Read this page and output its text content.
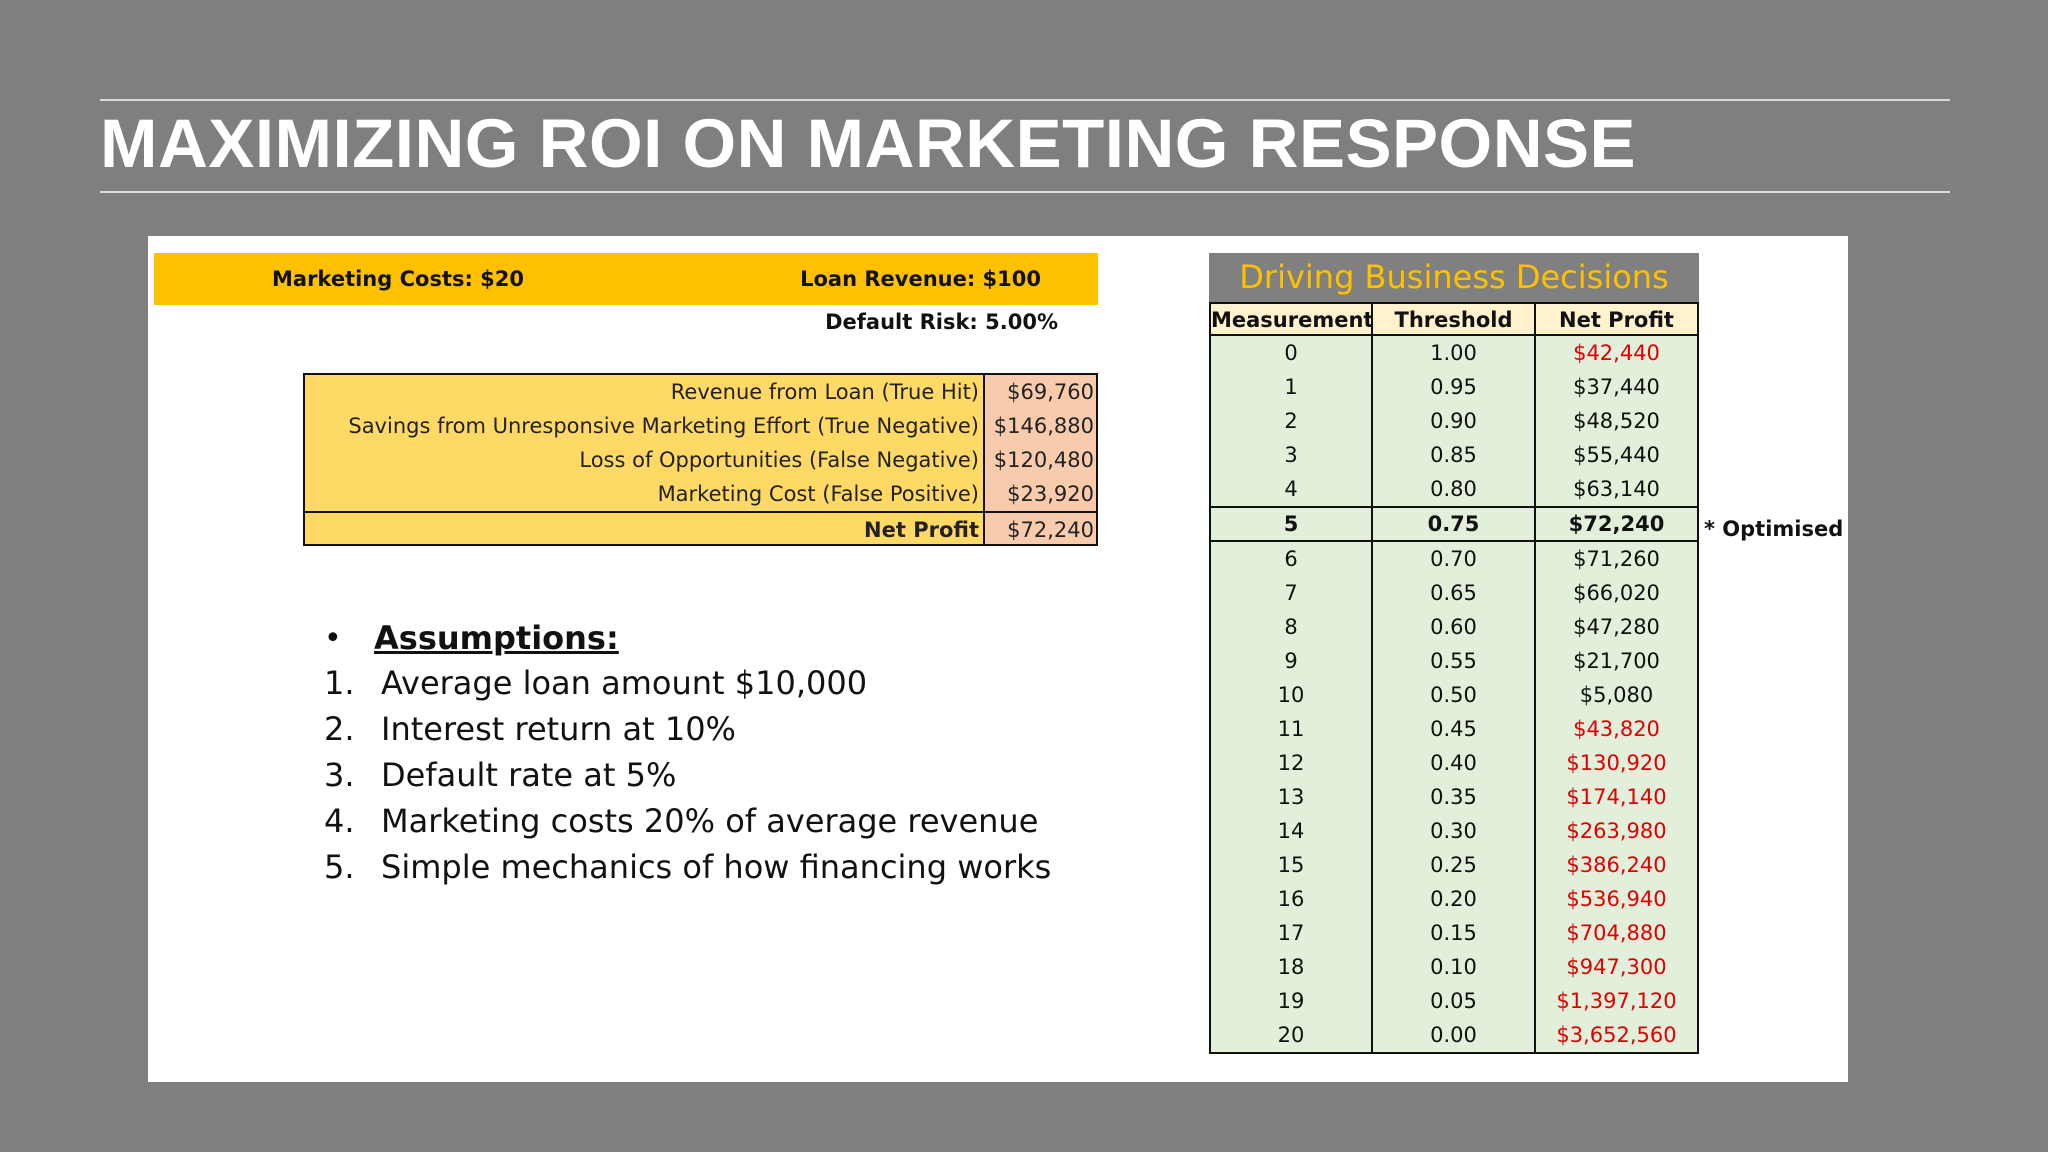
MAXIMIZING ROI ON MARKETING RESPONSE
Marketing Costs: $20	Loan Revenue: $100
Default Risk: 5.00%
Revenue from Loan (True Hit)	$69,760
Savings from Unresponsive Marketing Effort (True Negative) $146,880
Loss of Opportunities (False Negative) $120,480
Marketing Cost (False Positive)	$23,920
Net Profit	$72,240
•	Assumptions:
1. Average loan amount $10,000
2. Interest return at 10%
3. Default rate at 5%
4. Marketing costs 20% of average revenue
5. Simple mechanics of how financing works
Driving Business Decisions
Measurement	Threshold	Net Profit
0	1.00	$42,440
1	0.95	$37,440
2	0.90	$48,520
3	0.85	$55,440
4	0.80	$63,140
5	0.75	$72,240
6	0.70	$71,260
7	0.65	$66,020
8	0.60	$47,280
9	0.55	$21,700
10	0.50	$5,080
11	0.45	$43,820
12	0.40	$130,920
13	0.35	$174,140
14	0.30	$263,980
15	0.25	$386,240
16	0.20	$536,940
17	0.15	$704,880
18	0.10	$947,300
19	0.05	$1,397,120
20	0.00	$3,652,560
* Optimised
